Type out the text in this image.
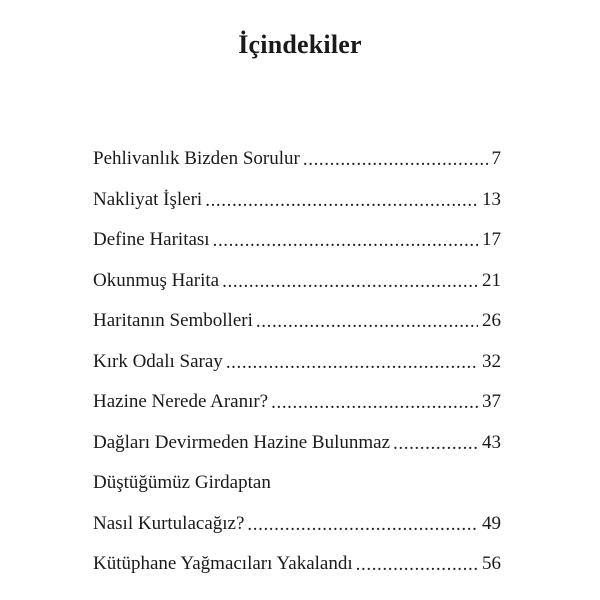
İçindekiler
Pehlivanlık Bizden Sorulur .....	7
Nakliyat İşleri .....	13
Define Haritası .....	17
Okunmuş Harita .....	21
Haritanın Sembolleri .....	26
Kırk Odalı Saray .....	32
Hazine Nerede Aranır? .....	37
Dağları Devirmeden Hazine Bulunmaz .....	43
Düştüğümüz Girdaptan
Nasıl Kurtulacağız? .....	49
Kütüphane Yağmacıları Yakalandı .....	56
